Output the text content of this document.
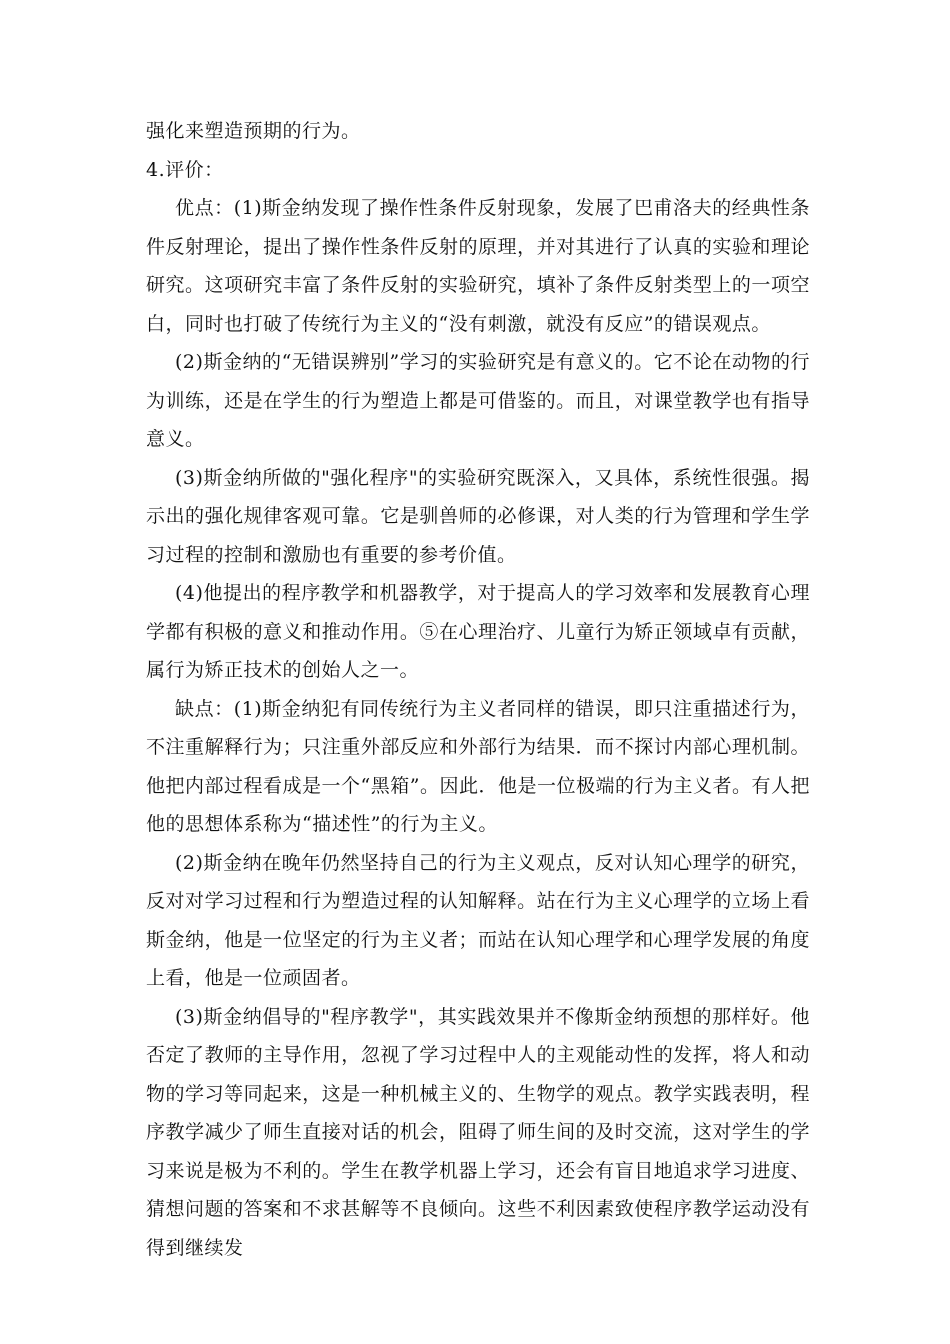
强化来塑造预期的行为。

4.评价：

优点：(1)斯金纳发现了操作性条件反射现象，发展了巴甫洛夫的经典性条件反射理论，提出了操作性条件反射的原理，并对其进行了认真的实验和理论研究。这项研究丰富了条件反射的实验研究，填补了条件反射类型上的一项空白，同时也打破了传统行为主义的“没有刺激，就没有反应”的错误观点。

(2)斯金纳的“无错误辨别”学习的实验研究是有意义的。它不论在动物的行为训练，还是在学生的行为塑造上都是可借鉴的。而且，对课堂教学也有指导意义。

(3)斯金纳所做的"强化程序"的实验研究既深入，又具体，系统性很强。揭示出的强化规律客观可靠。它是驯兽师的必修课，对人类的行为管理和学生学习过程的控制和激励也有重要的参考价值。

(4)他提出的程序教学和机器教学，对于提高人的学习效率和发展教育心理学都有积极的意义和推动作用。⑤在心理治疗、儿童行为矫正领域卓有贡献，属行为矫正技术的创始人之一。

缺点：(1)斯金纳犯有同传统行为主义者同样的错误，即只注重描述行为，不注重解释行为；只注重外部反应和外部行为结果．而不探讨内部心理机制。他把内部过程看成是一个“黑箱”。因此．他是一位极端的行为主义者。有人把他的思想体系称为“描述性”的行为主义。

(2)斯金纳在晚年仍然坚持自己的行为主义观点，反对认知心理学的研究，反对对学习过程和行为塑造过程的认知解释。站在行为主义心理学的立场上看斯金纳，他是一位坚定的行为主义者；而站在认知心理学和心理学发展的角度上看，他是一位顽固者。

(3)斯金纳倡导的"程序教学"，其实践效果并不像斯金纳预想的那样好。他否定了教师的主导作用，忽视了学习过程中人的主观能动性的发挥，将人和动物的学习等同起来，这是一种机械主义的、生物学的观点。教学实践表明，程序教学减少了师生直接对话的机会，阻碍了师生间的及时交流，这对学生的学习来说是极为不利的。学生在教学机器上学习，还会有盲目地追求学习进度、猜想问题的答案和不求甚解等不良倾向。这些不利因素致使程序教学运动没有得到继续发
